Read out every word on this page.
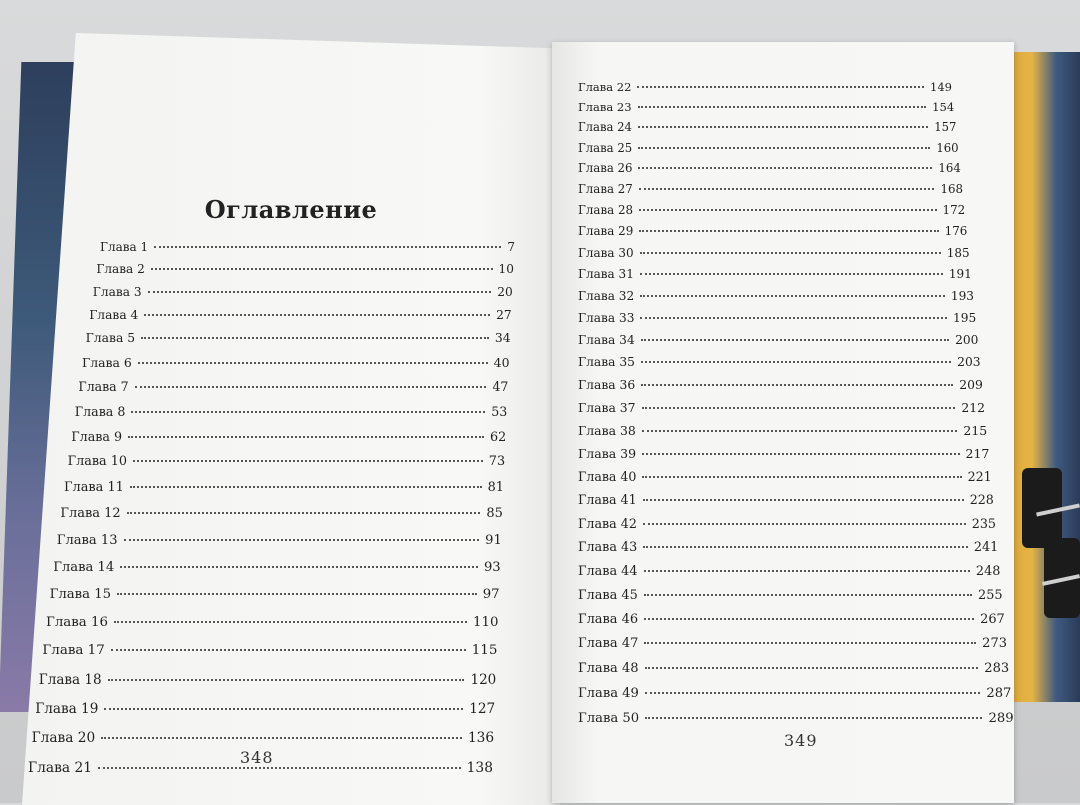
Оглавление
Глава 1	7
Глава 2	10
Глава 3	20
Глава 4	27
Глава 5	34
Глава 6	40
Глава 7	47
Глава 8	53
Глава 9	62
Глава 10	73
Глава 11	81
Глава 12	85
Глава 13	91
Глава 14	93
Глава 15	97
Глава 16	110
Глава 17	115
Глава 18	120
Глава 19	127
Глава 20	136
Глава 21	138
Глава 22	149
Глава 23	154
Глава 24	157
Глава 25	160
Глава 26	164
Глава 27	168
Глава 28	172
Глава 29	176
Глава 30	185
Глава 31	191
Глава 32	193
Глава 33	195
Глава 34	200
Глава 35	203
Глава 36	209
Глава 37	212
Глава 38	215
Глава 39	217
Глава 40	221
Глава 41	228
Глава 42	235
Глава 43	241
Глава 44	248
Глава 45	255
Глава 46	267
Глава 47	273
Глава 48	283
Глава 49	287
Глава 50	289
348
349
